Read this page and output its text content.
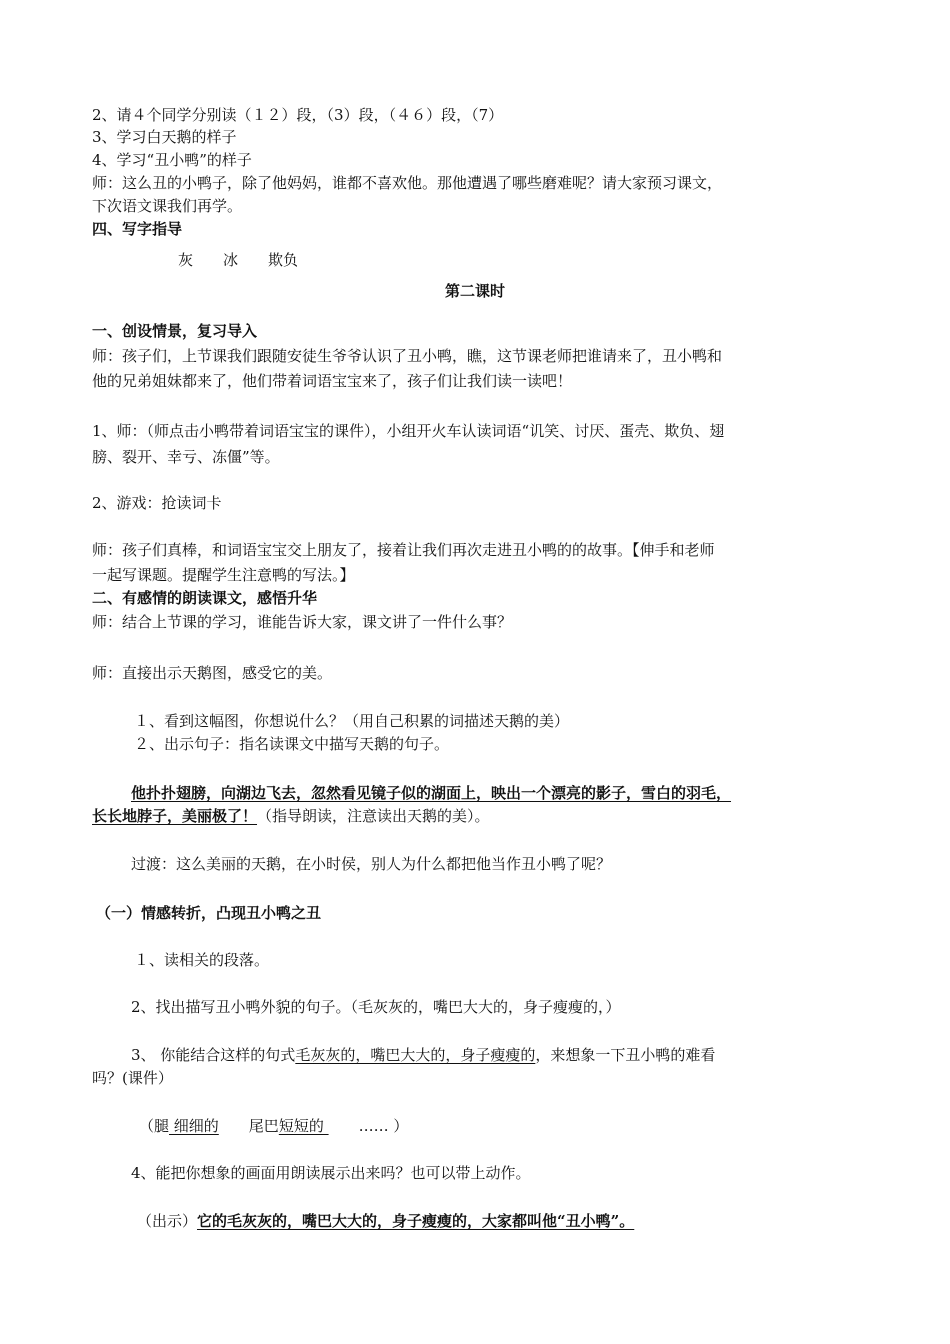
2、请４个同学分别读（１２）段，（3）段，（４６）段，（7）
3、学习白天鹅的样子
4、学习“丑小鸭”的样子
师：这么丑的小鸭子，除了他妈妈，谁都不喜欢他。那他遭遇了哪些磨难呢？请大家预习课文，
下次语文课我们再学。
四、写字指导
灰　　冰　　欺负
第二课时
一、创设情景，复习导入
师：孩子们，上节课我们跟随安徒生爷爷认识了丑小鸭，瞧，这节课老师把谁请来了，丑小鸭和
他的兄弟姐妹都来了，他们带着词语宝宝来了，孩子们让我们读一读吧！
1、师：（师点击小鸭带着词语宝宝的课件），小组开火车认读词语“讥笑、讨厌、蛋壳、欺负、翅
膀、裂开、幸亏、冻僵”等。
2、游戏：抢读词卡
师：孩子们真棒，和词语宝宝交上朋友了，接着让我们再次走进丑小鸭的的故事。【伸手和老师
一起写课题。提醒学生注意鸭的写法。】
二、有感情的朗读课文，感悟升华
师：结合上节课的学习，谁能告诉大家，课文讲了一件什么事？
师：直接出示天鹅图，感受它的美。
１、看到这幅图，你想说什么？（用自己积累的词描述天鹅的美）
２、出示句子：指名读课文中描写天鹅的句子。
他扑扑翅膀，向湖边飞去，忽然看见镜子似的湖面上，映出一个漂亮的影子，雪白的羽毛，
长长地脖子，美丽极了！（指导朗读，注意读出天鹅的美）。
过渡：这么美丽的天鹅，在小时侯，别人为什么都把他当作丑小鸭了呢？
（一）情感转折，凸现丑小鸭之丑
１、读相关的段落。
2、找出描写丑小鸭外貌的句子。（毛灰灰的，嘴巴大大的，身子瘦瘦的，）
3、 你能结合这样的句式毛灰灰的，嘴巴大大的，身子瘦瘦的，来想象一下丑小鸭的难看
吗？(课件）
（腿 细细的　　尾巴短短的 　　…… ）
4、能把你想象的画面用朗读展示出来吗？也可以带上动作。
（出示）它的毛灰灰的，嘴巴大大的，身子瘦瘦的，大家都叫他“丑小鸭”。
